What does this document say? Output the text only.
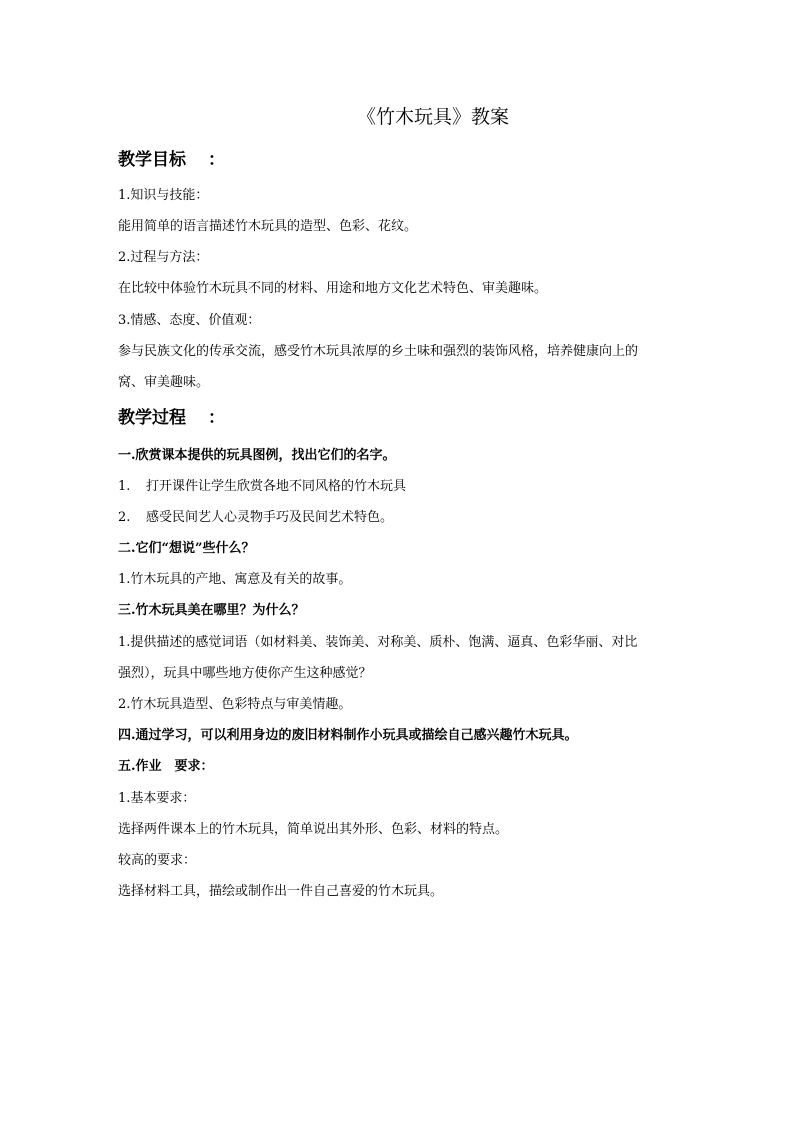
《竹木玩具》教案
教学目标 ：
1.知识与技能：
能用简单的语言描述竹木玩具的造型、色彩、花纹。
2.过程与方法：
在比较中体验竹木玩具不同的材料、用途和地方文化艺术特色、审美趣味。
3.情感、态度、价值观：
参与民族文化的传承交流，感受竹木玩具浓厚的乡土味和强烈的装饰风格，培养健康向上的
窝、审美趣味。
教学过程 ：
一.欣赏课本提供的玩具图例，找出它们的名字。
1. 打开课件让学生欣赏各地不同风格的竹木玩具
2. 感受民间艺人心灵物手巧及民间艺术特色。
二.它们“想说”些什么？
1.竹木玩具的产地、寓意及有关的故事。
三.竹木玩具美在哪里？为什么？
1.提供描述的感觉词语（如材料美、装饰美、对称美、质朴、饱满、逼真、色彩华丽、对比
强烈），玩具中哪些地方使你产生这种感觉？
2.竹木玩具造型、色彩特点与审美情趣。
四.通过学习，可以利用身边的废旧材料制作小玩具或描绘自己感兴趣竹木玩具。
五.作业　要求：
1.基本要求：
选择两件课本上的竹木玩具，简单说出其外形、色彩、材料的特点。
较高的要求：
选择材料工具，描绘或制作出一件自己喜爱的竹木玩具。
